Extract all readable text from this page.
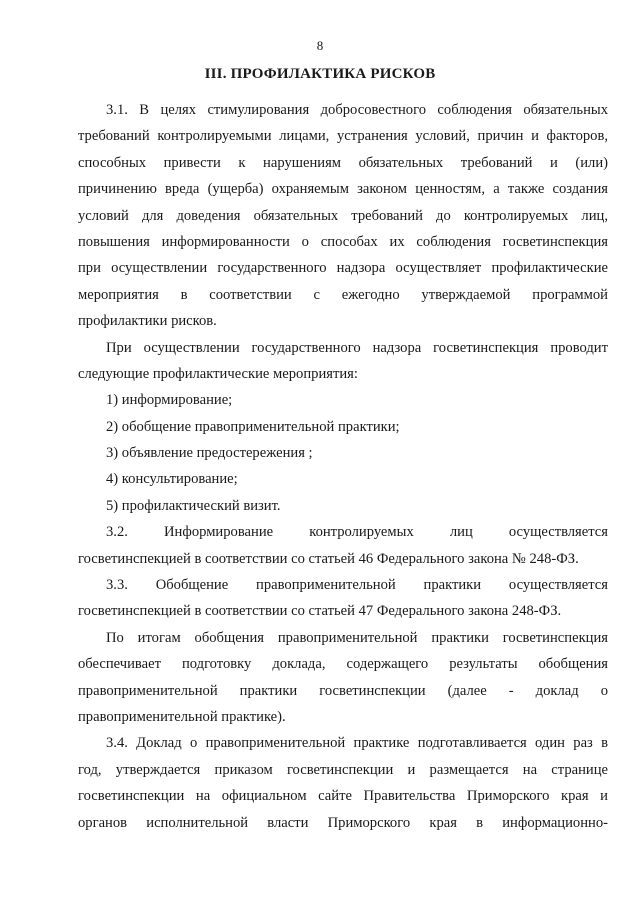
8
III. ПРОФИЛАКТИКА РИСКОВ
3.1. В целях стимулирования добросовестного соблюдения обязательных
требований контролируемыми лицами, устранения условий, причин и факторов,
способных привести к нарушениям обязательных требований и (или)
причинению вреда (ущерба) охраняемым законом ценностям, а также создания
условий для доведения обязательных требований до контролируемых лиц,
повышения информированности о способах их соблюдения госветинспекция
при осуществлении государственного надзора осуществляет профилактические
мероприятия в соответствии с ежегодно утверждаемой программой
профилактики рисков.
При осуществлении государственного надзора госветинспекция проводит
следующие профилактические мероприятия:
1) информирование;
2) обобщение правоприменительной практики;
3) объявление предостережения ;
4) консультирование;
5) профилактический визит.
3.2. Информирование контролируемых лиц осуществляется
госветинспекцией в соответствии со статьей 46 Федерального закона № 248-ФЗ.
3.3. Обобщение правоприменительной практики осуществляется
госветинспекцией в соответствии со статьей 47 Федерального закона 248-ФЗ.
По итогам обобщения правоприменительной практики госветинспекция
обеспечивает подготовку доклада, содержащего результаты обобщения
правоприменительной практики госветинспекции (далее - доклад о
правоприменительной практике).
3.4. Доклад о правоприменительной практике подготавливается один раз в
год, утверждается приказом госветинспекции и размещается на странице
госветинспекции на официальном сайте Правительства Приморского края и
органов исполнительной власти Приморского края в информационно-
